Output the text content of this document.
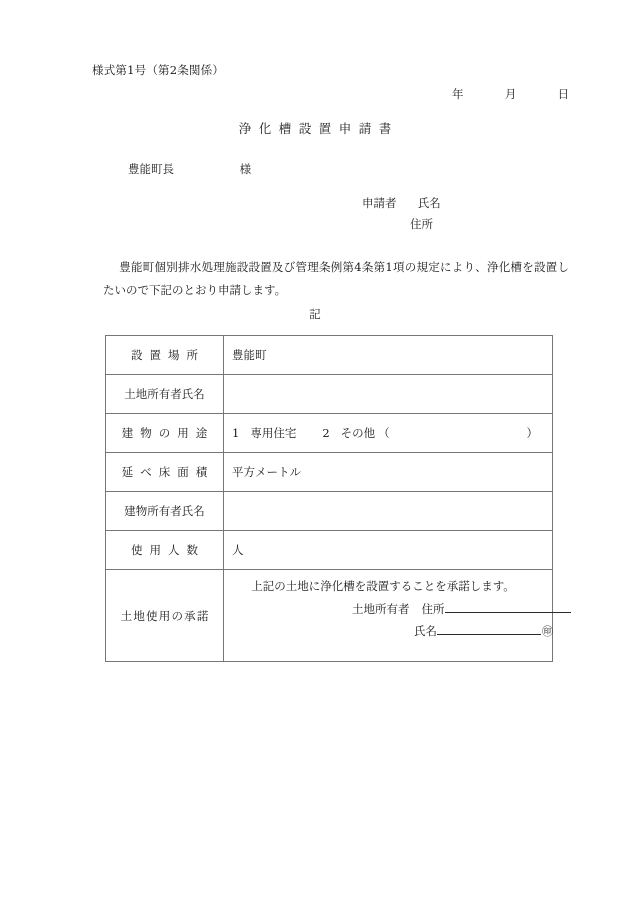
様式第1号（第2条関係）
年	月	日
浄化槽設置申請書
豊能町長	様
申請者 氏名
住所
豊能町個別排水処理施設設置及び管理条例第4条第1項の規定により、浄化槽を設置したいので下記のとおり申請します。
記
設置場所	豊能町
土地所有者氏名	
建物の用途	1 専用住宅 2 その他 （ ）

延べ床面積	平方メートル
建物所有者氏名	
使用人数	人
土地使用の承諾	上記の土地に浄化槽を設置することを承諾します。
土地所有者 住所
氏名 ㊞
